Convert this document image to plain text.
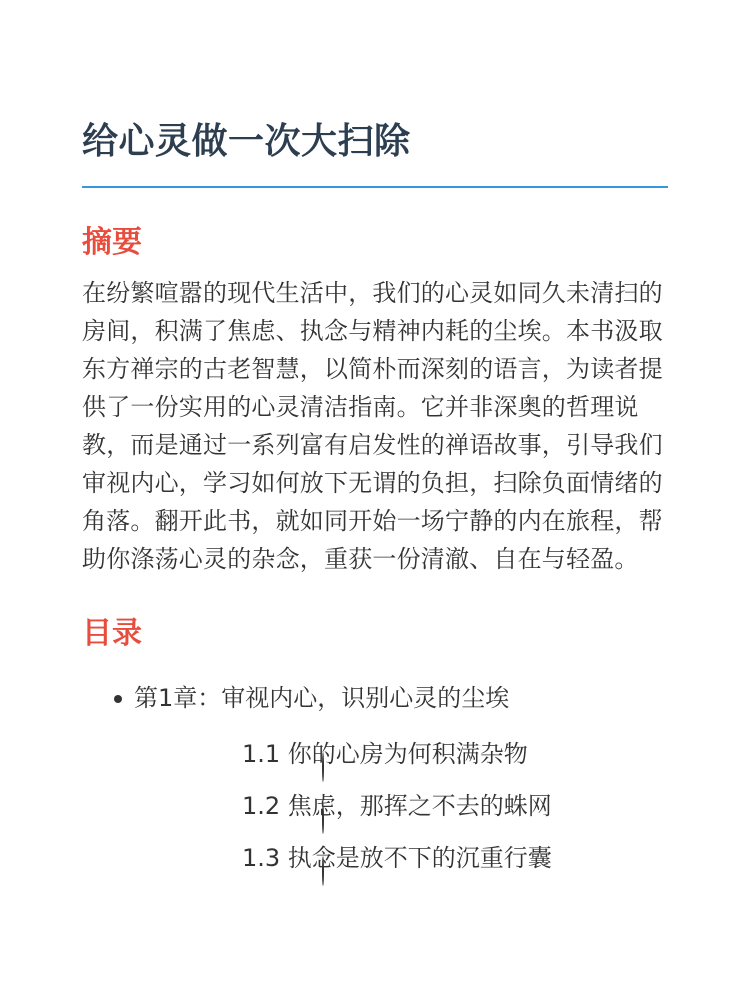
给心灵做一次大扫除
摘要

在纷繁喧嚣的现代生活中，我们的心灵如同久未清扫的房间，积满了焦虑、执念与精神内耗的尘埃。本书汲取东方禅宗的古老智慧，以简朴而深刻的语言，为读者提供了一份实用的心灵清洁指南。它并非深奥的哲理说教，而是通过一系列富有启发性的禅语故事，引导我们审视内心，学习如何放下无谓的负担，扫除负面情绪的角落。翻开此书，就如同开始一场宁静的内在旅程，帮助你涤荡心灵的杂念，重获一份清澈、自在与轻盈。

目录
第1章：审视内心，识别心灵的尘埃
1.1 你的心房为何积满杂物
1.2 焦虑，那挥之不去的蛛网
1.3 执念是放不下的沉重行囊
